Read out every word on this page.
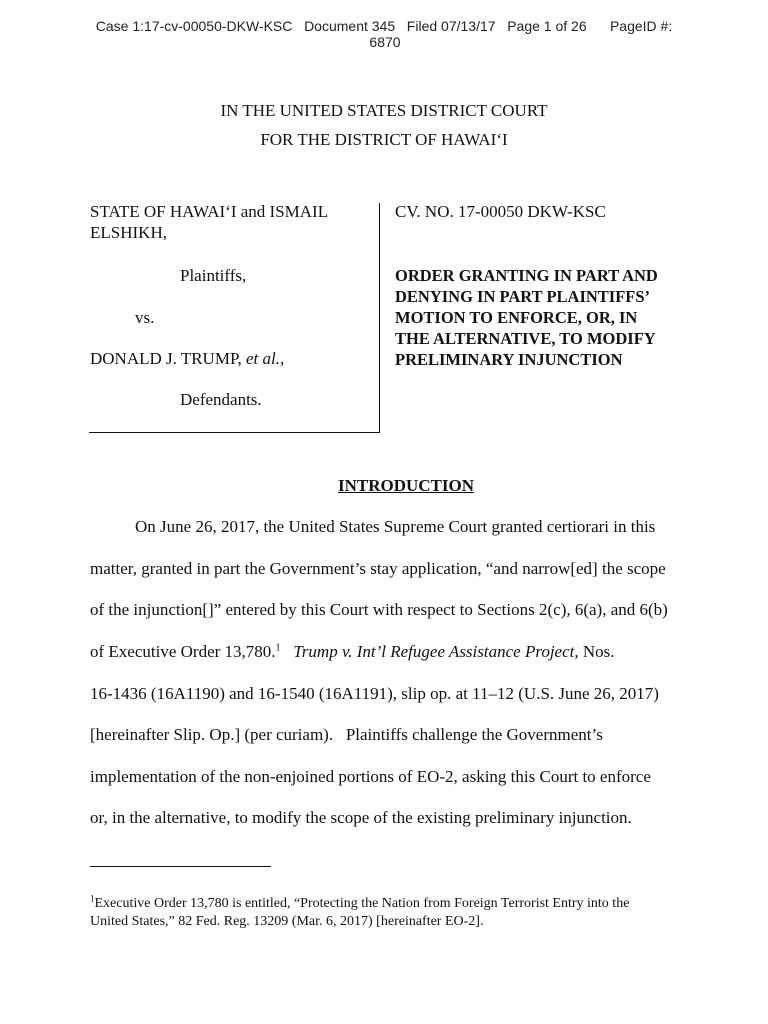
Case 1:17-cv-00050-DKW-KSC Document 345 Filed 07/13/17 Page 1 of 26 PageID #:
6870
IN THE UNITED STATES DISTRICT COURT
FOR THE DISTRICT OF HAWAI‘I
STATE OF HAWAI‘I and ISMAIL
ELSHIKH,
Plaintiffs,
vs.
DONALD J. TRUMP, et al.,
Defendants.
CV. NO. 17-00050 DKW-KSC
ORDER GRANTING IN PART AND
DENYING IN PART PLAINTIFFS’
MOTION TO ENFORCE, OR, IN
THE ALTERNATIVE, TO MODIFY
PRELIMINARY INJUNCTION
INTRODUCTION
On June 26, 2017, the United States Supreme Court granted certiorari in this
matter, granted in part the Government’s stay application, “and narrow[ed] the scope
of the injunction[]” entered by this Court with respect to Sections 2(c), 6(a), and 6(b)
of Executive Order 13,780.$^1$ Trump v. Int’l Refugee Assistance Project, Nos.
16-1436 (16A1190) and 16-1540 (16A1191), slip op. at 11–12 (U.S. June 26, 2017)
[hereinafter Slip. Op.] (per curiam).   Plaintiffs challenge the Government’s
implementation of the non-enjoined portions of EO-2, asking this Court to enforce
or, in the alternative, to modify the scope of the existing preliminary injunction.
$^1$Executive Order 13,780 is entitled, “Protecting the Nation from Foreign Terrorist Entry into the
United States,” 82 Fed. Reg. 13209 (Mar. 6, 2017) [hereinafter EO-2].
